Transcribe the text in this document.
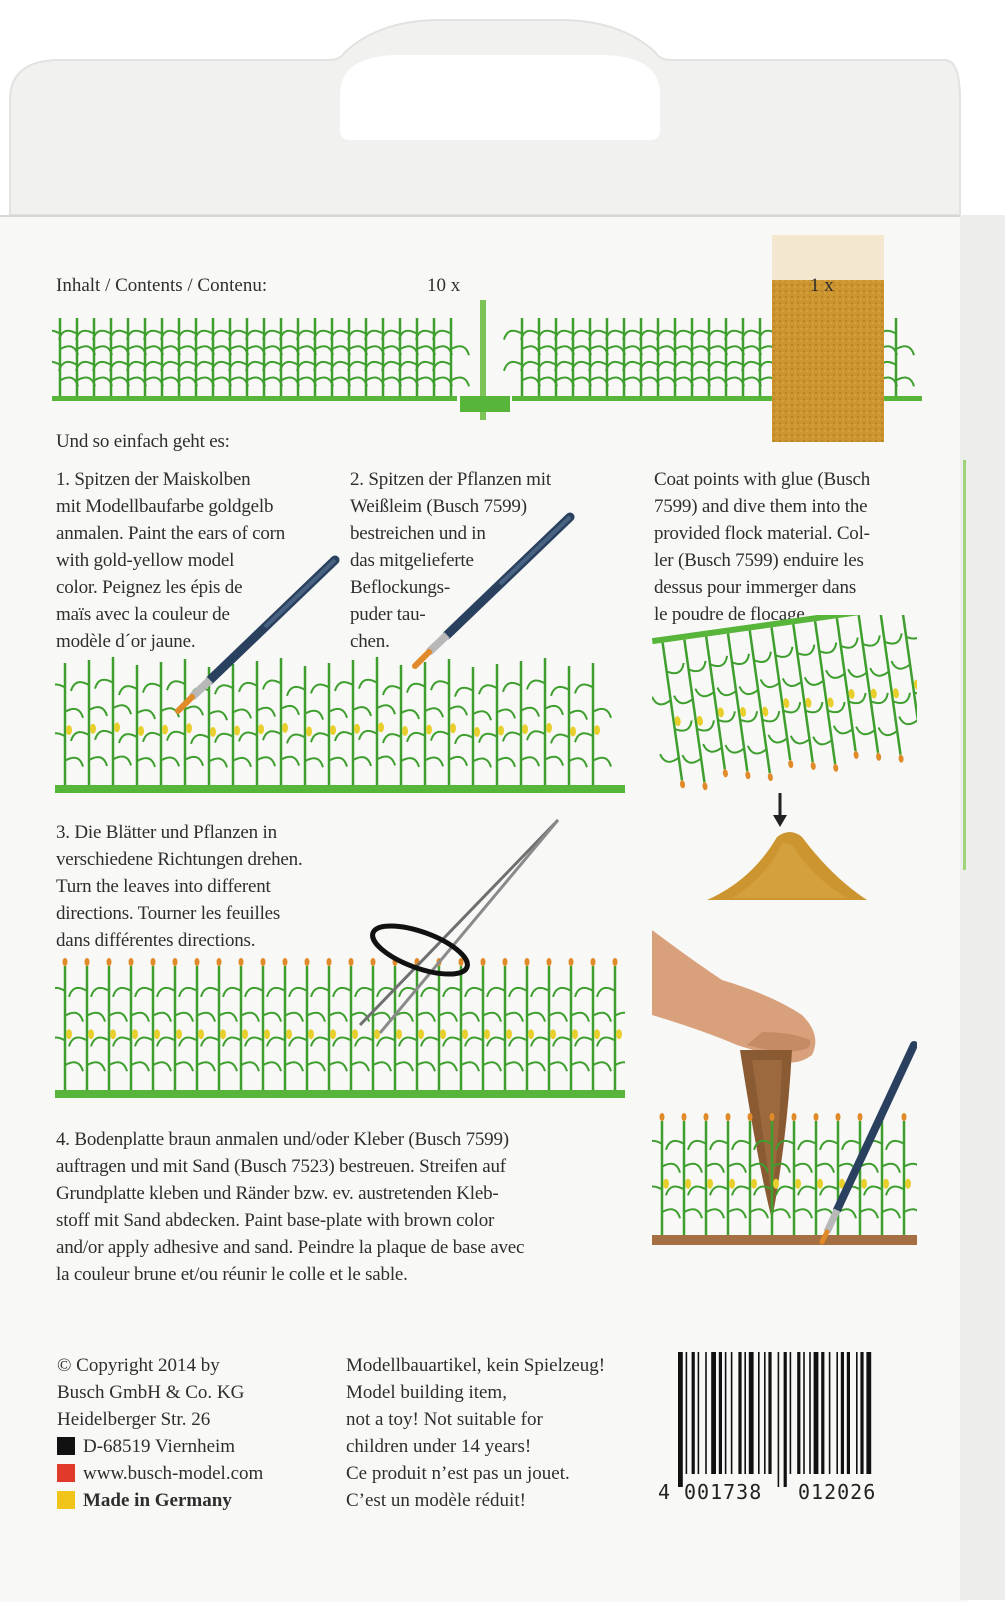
Inhalt / Contents / Contenu:	10 x	1 x
Und so einfach geht es:
1. Spitzen der Maiskolben
mit Modellbaufarbe goldgelb
anmalen. Paint the ears of corn
with gold-yellow model
color. Peignez les épis de
maïs avec la couleur de
modèle d´or jaune.
2. Spitzen der Pflanzen mit
Weißleim (Busch 7599)
bestreichen und in
das mitgelieferte
Beflockungs-
puder tau-
chen.
Coat points with glue (Busch
7599) and dive them into the
provided flock material. Col-
ler (Busch 7599) enduire les
dessus pour immerger dans
le poudre de flocage.
3. Die Blätter und Pflanzen in
verschiedene Richtungen drehen.
Turn the leaves into different
directions. Tourner les feuilles
dans différentes directions.
4. Bodenplatte braun anmalen und/oder Kleber (Busch 7599)
auftragen und mit Sand (Busch 7523) bestreuen. Streifen auf
Grundplatte kleben und Ränder bzw. ev. austretenden Kleb-
stoff mit Sand abdecken. Paint base-plate with brown color
and/or apply adhesive and sand. Peindre la plaque de base avec
la couleur brune et/ou réunir le colle et le sable.
© Copyright 2014 by
Busch GmbH & Co. KG
Heidelberger Str. 26
D-68519 Viernheim
www.busch-model.com
Made in Germany
Modellbauartikel, kein Spielzeug!
Model building item,
not a toy! Not suitable for
children under 14 years!
Ce produit n’est pas un jouet.
C’est un modèle réduit!	4 001738 012026
